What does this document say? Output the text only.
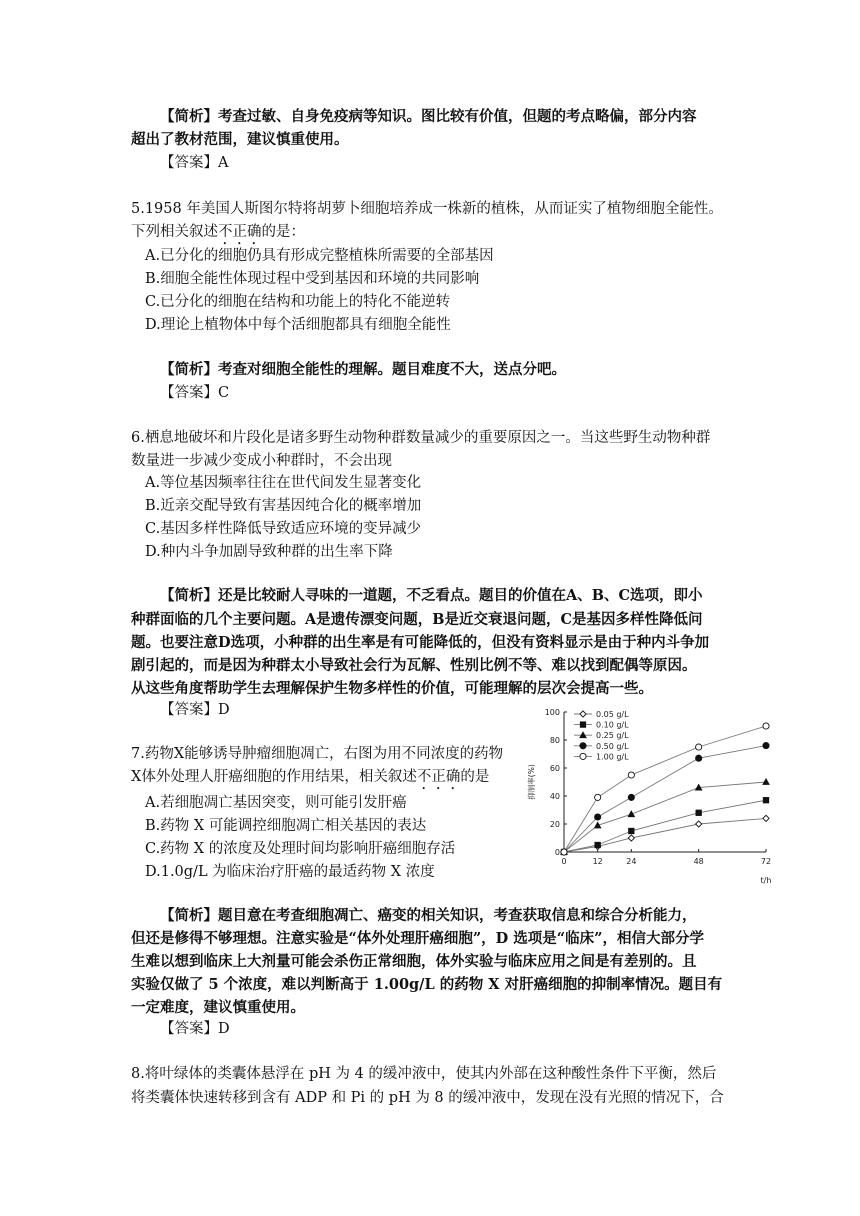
【简析】考查过敏、自身免疫病等知识。图比较有价值，但题的考点略偏，部分内容
超出了教材范围，建议慎重使用。
【答案】A
5.1958 年美国人斯图尔特将胡萝卜细胞培养成一株新的植株，从而证实了植物细胞全能性。
下列相关叙述不正确的是：
A.已分化的细胞仍具有形成完整植株所需要的全部基因
B.细胞全能性体现过程中受到基因和环境的共同影响
C.已分化的细胞在结构和功能上的特化不能逆转
D.理论上植物体中每个活细胞都具有细胞全能性
【简析】考查对细胞全能性的理解。题目难度不大，送点分吧。
【答案】C
6.栖息地破坏和片段化是诸多野生动物种群数量减少的重要原因之一。当这些野生动物种群
数量进一步减少变成小种群时，不会出现
A.等位基因频率往往在世代间发生显著变化
B.近亲交配导致有害基因纯合化的概率增加
C.基因多样性降低导致适应环境的变异减少
D.种内斗争加剧导致种群的出生率下降
【简析】还是比较耐人寻味的一道题，不乏看点。题目的价值在A、B、C选项，即小
种群面临的几个主要问题。A是遗传漂变问题，B是近交衰退问题，C是基因多样性降低问
题。也要注意D选项，小种群的出生率是有可能降低的，但没有资料显示是由于种内斗争加
剧引起的，而是因为种群太小导致社会行为瓦解、性别比例不等、难以找到配偶等原因。
从这些角度帮助学生去理解保护生物多样性的价值，可能理解的层次会提高一些。
【答案】D
7.药物X能够诱导肿瘤细胞凋亡，右图为用不同浓度的药物
X体外处理人肝癌细胞的作用结果，相关叙述不正确的是
A.若细胞凋亡基因突变，则可能引发肝癌
B.药物 X 可能调控细胞凋亡相关基因的表达
C.药物 X 的浓度及处理时间均影响肝癌细胞存活
D.1.0g/L 为临床治疗肝癌的最适药物 X 浓度
0
20
40
60
80
100
0	12	24	48	72
t/h
抑制率(%)
0.05 g/L
0.10 g/L
0.25 g/L
0.50 g/L
1.00 g/L
【简析】题目意在考查细胞凋亡、癌变的相关知识，考查获取信息和综合分析能力，
但还是修得不够理想。注意实验是“体外处理肝癌细胞”，D 选项是“临床”，相信大部分学
生难以想到临床上大剂量可能会杀伤正常细胞，体外实验与临床应用之间是有差别的。且
实验仅做了 5 个浓度，难以判断高于 1.00g/L 的药物 X 对肝癌细胞的抑制率情况。题目有
一定难度，建议慎重使用。
【答案】D
8.将叶绿体的类囊体悬浮在 pH 为 4 的缓冲液中，使其内外部在这种酸性条件下平衡，然后
将类囊体快速转移到含有 ADP 和 Pi 的 pH 为 8 的缓冲液中，发现在没有光照的情况下，合
